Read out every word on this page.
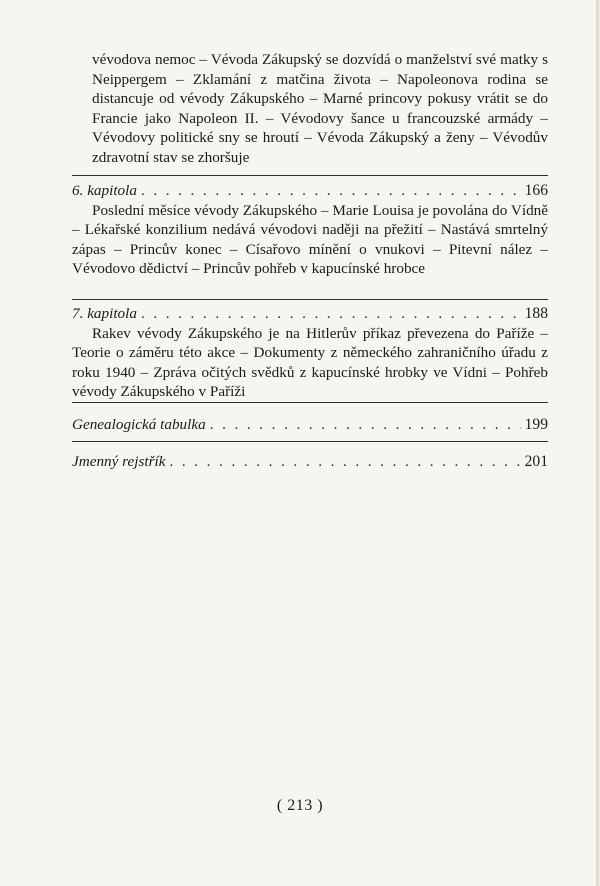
vévodova nemoc – Vévoda Zákupský se dozvídá o manželství své matky s Neippergem – Zklamání z matčina života – Napoleonova rodina se distancuje od vévody Zákupského – Marné princovy pokusy vrátit se do Francie jako Napoleon II. – Vévodovy šance u francouzské armády – Vévodovy politické sny se hroutí – Vévoda Zákupský a ženy – Vévodův zdravotní stav se zhoršuje

6. kapitola . . .	166

Poslední měsíce vévody Zákupského – Marie Louisa je povolána do Vídně – Lékařské konzilium nedává vévodovi naději na přežití – Nastává smrtelný zápas – Princův konec – Císařovo mínění o vnukovi – Pitevní nález – Vévodovo dědictví – Princův pohřeb v kapucínské hrobce

7. kapitola . . .	188

Rakev vévody Zákupského je na Hitlerův příkaz převezena do Paříže – Teorie o záměru této akce – Dokumenty z německého zahraničního úřadu z roku 1940 – Zpráva očitých svědků z kapucínské hrobky ve Vídni – Pohřeb vévody Zákupského v Paříži

Genealogická tabulka . . .	199
Jmenný rejstřík . . .	201
( 213 )
